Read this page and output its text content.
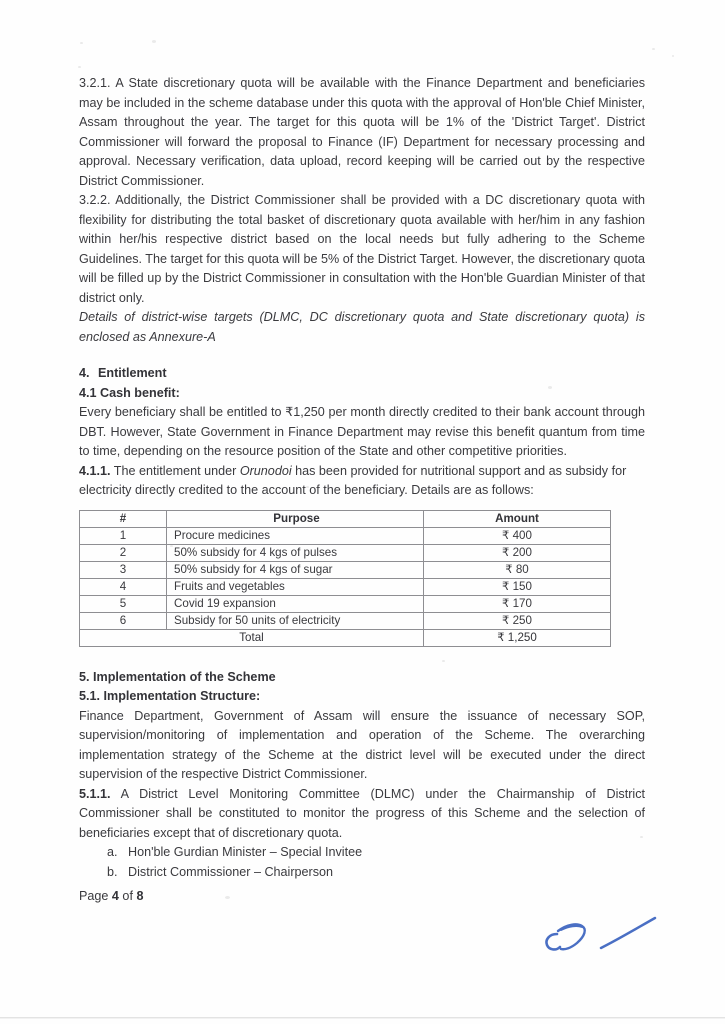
3.2.1. A State discretionary quota will be available with the Finance Department and beneficiaries may be included in the scheme database under this quota with the approval of Hon'ble Chief Minister, Assam throughout the year. The target for this quota will be 1% of the 'District Target'. District Commissioner will forward the proposal to Finance (IF) Department for necessary processing and approval. Necessary verification, data upload, record keeping will be carried out by the respective District Commissioner.

3.2.2. Additionally, the District Commissioner shall be provided with a DC discretionary quota with flexibility for distributing the total basket of discretionary quota available with her/him in any fashion within her/his respective district based on the local needs but fully adhering to the Scheme Guidelines. The target for this quota will be 5% of the District Target. However, the discretionary quota will be filled up by the District Commissioner in consultation with the Hon'ble Guardian Minister of that district only.

Details of district-wise targets (DLMC, DC discretionary quota and State discretionary quota) is enclosed as Annexure-A

4. Entitlement
4.1 Cash benefit:

Every beneficiary shall be entitled to ₹1,250 per month directly credited to their bank account through DBT. However, State Government in Finance Department may revise this benefit quantum from time to time, depending on the resource position of the State and other competitive priorities.

4.1.1. The entitlement under Orunodoi has been provided for nutritional support and as subsidy for electricity directly credited to the account of the beneficiary. Details are as follows:

#	Purpose	Amount
1	Procure medicines	₹ 400
2	50% subsidy for 4 kgs of pulses	₹ 200
3	50% subsidy for 4 kgs of sugar	₹ 80
4	Fruits and vegetables	₹ 150
5	Covid 19 expansion	₹ 170
6	Subsidy for 50 units of electricity	₹ 250
Total		₹ 1,250
5. Implementation of the Scheme
5.1. Implementation Structure:

Finance Department, Government of Assam will ensure the issuance of necessary SOP, supervision/monitoring of implementation and operation of the Scheme. The overarching implementation strategy of the Scheme at the district level will be executed under the direct supervision of the respective District Commissioner.

5.1.1. A District Level Monitoring Committee (DLMC) under the Chairmanship of District Commissioner shall be constituted to monitor the progress of this Scheme and the selection of beneficiaries except that of discretionary quota.

a. Hon'ble Gurdian Minister – Special Invitee
b. District Commissioner – Chairperson
Page 4 of 8
